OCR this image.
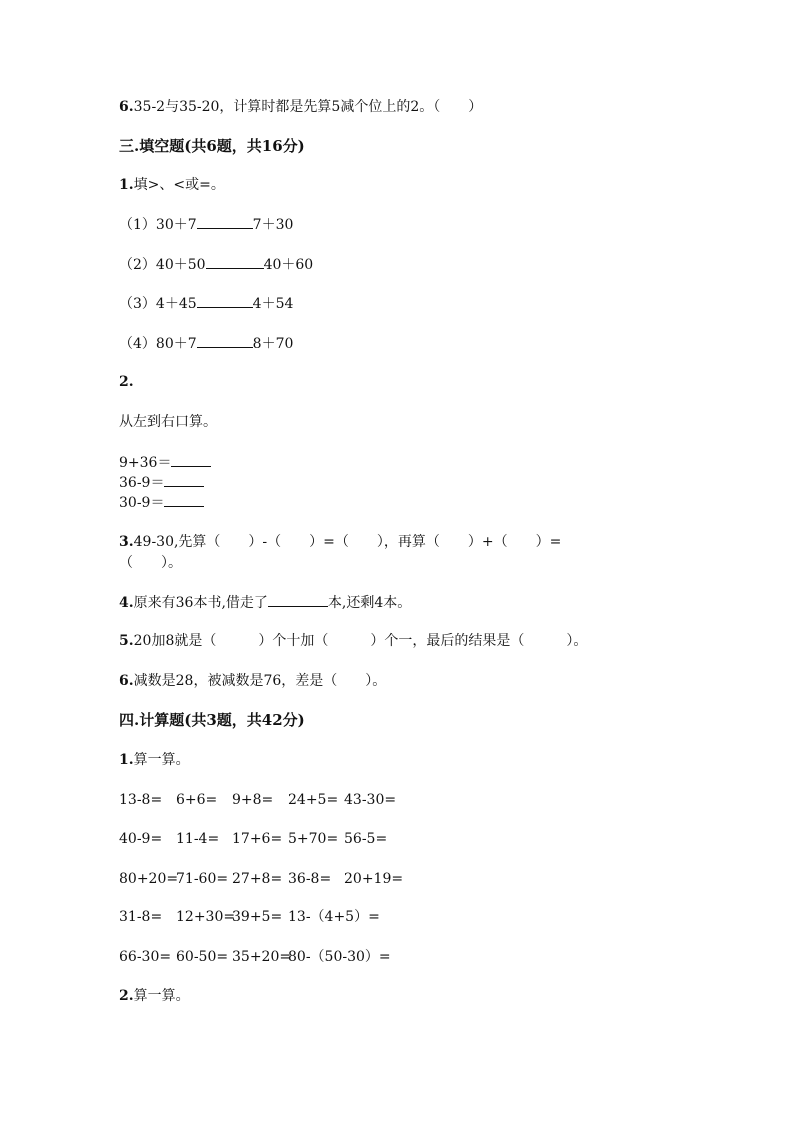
6.35-2与35-20，计算时都是先算5减个位上的2。（　　）
三.填空题(共6题，共16分)
1.填>、<或=。
（1）30＋7	7＋30
（2）40＋50	40＋60
（3）4＋45	4＋54
（4）80＋7	8＋70
2.
从左到右口算。
9+36＝
36-9＝
30-9＝
3.49-30,先算（　　）-（　　）=（　　），再算（　　）+（　　）=
（　　）。
4.原来有36本书,借走了	本,还剩4本。
5.20加8就是（　　　）个十加（　　　）个一，最后的结果是（　　　）。
6.减数是28，被减数是76，差是（　　）。
四.计算题(共3题，共42分)
1.算一算。
13-8= 6+6= 9+8= 24+5= 43-30=
40-9= 11-4= 17+6= 5+70= 56-5=
80+20=71-60= 27+8= 36-8= 20+19=
31-8= 12+30=39+5= 13-（4+5）=
66-30= 60-50= 35+20=80-（50-30）=
2.算一算。
